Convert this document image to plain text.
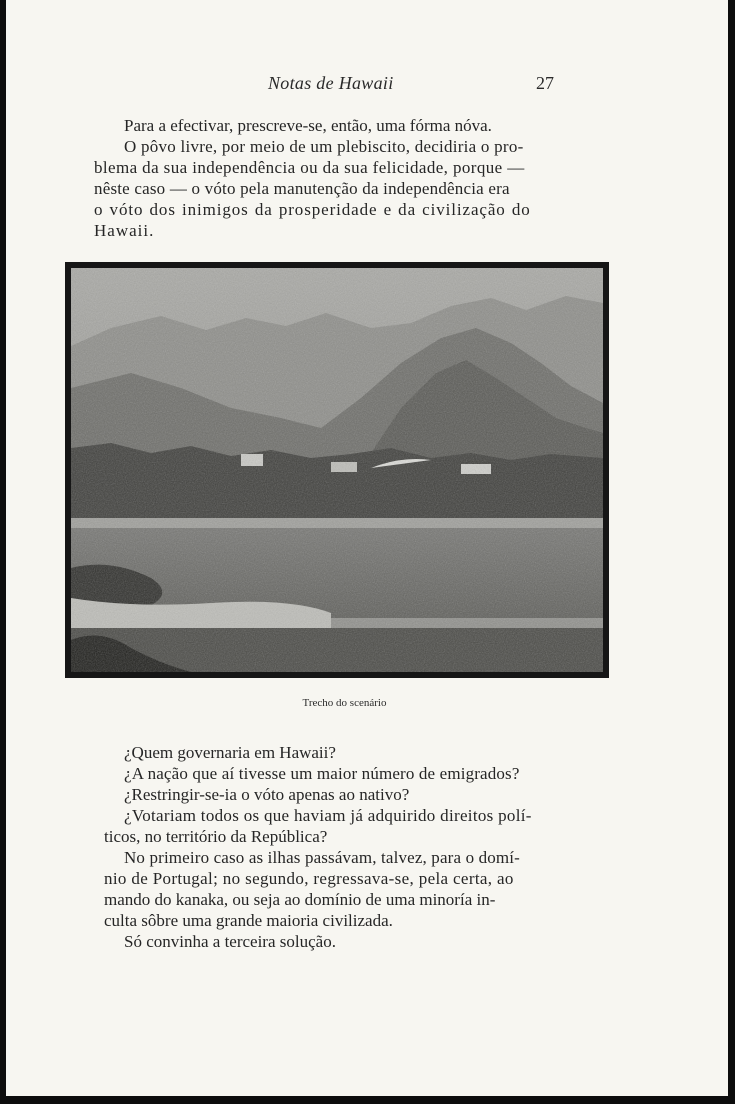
Notas de Hawaii	27

Para a efectivar, prescreve-se, então, uma fórma nóva.
O pôvo livre, por meio de um plebiscito, decidiria o pro-
blema da sua independência ou da sua felicidade, porque —
nêste caso — o vóto pela manutenção da independência era
o vóto dos inimigos da prosperidade e da civilização do
Hawaii.

Trecho do scenário

¿Quem governaria em Hawaii?
¿A nação que aí tivesse um maior número de emigrados?
¿Restringir-se-ia o vóto apenas ao nativo?
¿Votariam todos os que haviam já adquirido direitos polí-
ticos, no território da República?
No primeiro caso as ilhas passávam, talvez, para o domí-
nio de Portugal; no segundo, regressava-se, pela certa, ao
mando do kanaka, ou seja ao domínio de uma minoría in-
culta sôbre uma grande maioria civilizada.
Só convinha a terceira solução.
